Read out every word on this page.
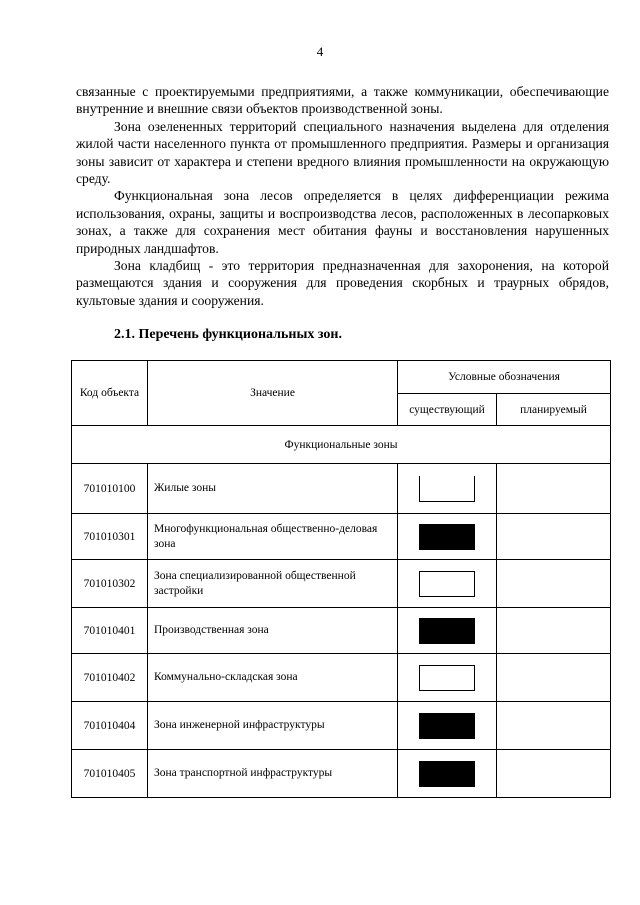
4

связанные с проектируемыми предприятиями, а также коммуникации, обеспечивающие внутренние и внешние связи объектов производственной зоны.

Зона озелененных территорий специального назначения выделена для отделения жилой части населенного пункта от промышленного предприятия. Размеры и организация зоны зависит от характера и степени вредного влияния промышленности на окружающую среду.

Функциональная зона лесов определяется в целях дифференциации режима использования, охраны, защиты и воспроизводства лесов, расположенных в лесопарковых зонах, а также для сохранения мест обитания фауны и восстановления нарушенных природных ландшафтов.

Зона кладбищ - это территория предназначенная для захоронения, на которой размещаются здания и сооружения для проведения скорбных и траурных обрядов, культовые здания и сооружения.

2.1. Перечень функциональных зон.
Код объекта	Значение	Условные обозначения	
		существующий	планируемый
Функциональные зоны			
701010100	Жилые зоны		
701010301	Многофункциональная общественно-деловая зона		
701010302	Зона специализированной общественной застройки		
701010401	Производственная зона		
701010402	Коммунально-складская зона		
701010404	Зона инженерной инфраструктуры		
701010405	Зона транспортной инфраструктуры		
